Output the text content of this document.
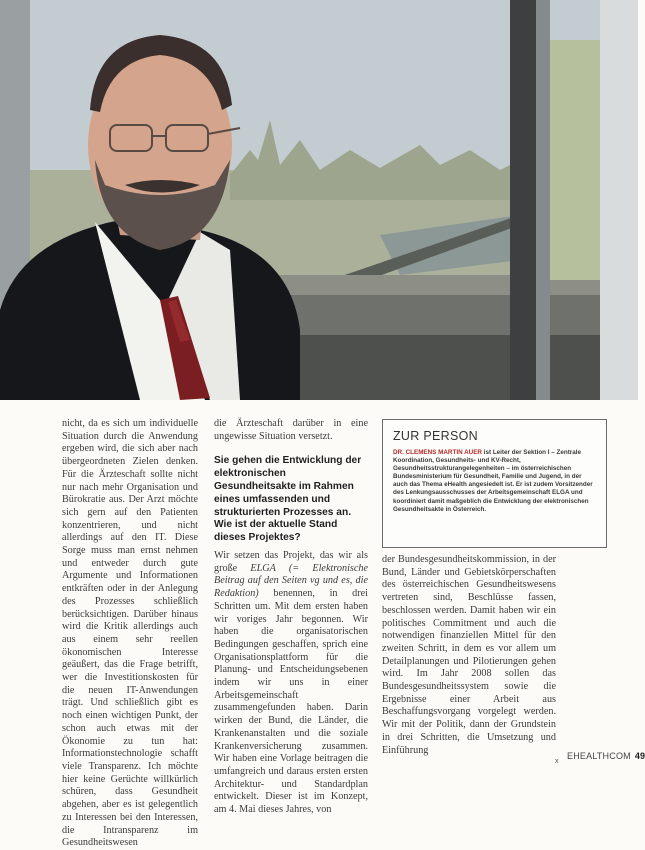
nicht, da es sich um individuelle Situation durch die Anwendung ergeben wird, die sich aber nach übergeordneten Zielen denken. Für die Ärzteschaft sollte nicht nur nach mehr Organisation und Bürokratie aus. Der Arzt möchte sich gern auf den Patienten konzentrieren, und nicht allerdings auf den IT. Diese Sorge muss man ernst nehmen und entweder durch gute Argumente und Informationen entkräften oder in der Anlegung des Prozesses schließlich berücksichtigen. Darüber hinaus wird die Kritik allerdings auch aus einem sehr reellen ökonomischen Interesse geäußert, das die Frage betrifft, wer die Investitionskosten für die neuen IT-Anwendungen trägt. Und schließlich gibt es noch einen wichtigen Punkt, der schon auch etwas mit der Ökonomie zu tun hat: Informationstechnologie schafft viele Transparenz. Ich möchte hier keine Gerüchte willkürlich schüren, dass Gesundheit abgehen, aber es ist gelegentlich zu Interessen bei den Interessen, die Intransparenz im Gesundheitswesen

die Ärzteschaft darüber in eine ungewisse Situation versetzt.

Sie gehen die Entwicklung der elektronischen Gesundheitsakte im Rahmen eines umfassenden und strukturierten Prozesses an. Wie ist der aktuelle Stand dieses Projektes?

Wir setzen das Projekt, das wir als große ELGA (= Elektronische Beitrag auf den Seiten vg und es, die Redaktion) benennen, in drei Schritten um. Mit dem ersten haben wir voriges Jahr begonnen. Wir haben die organisatorischen Bedingungen geschaffen, sprich eine Organisationsplattform für die Planung- und Entscheidungsebenen indem wir uns in einer Arbeitsgemeinschaft zusammengefunden haben. Darin wirken der Bund, die Länder, die Krankenanstalten und die soziale Krankenversicherung zusammen. Wir haben eine Vorlage beitragen die umfangreich und daraus ersten ersten Architektur- und Standardplan entwickelt. Dieser ist im Konzept, am 4. Mai dieses Jahres, von

ZUR PERSON

DR. CLEMENS MARTIN AUER ist Leiter der Sektion I – Zentrale Koordination, Gesundheits- und KV-Recht, Gesundheitsstrukturangelegenheiten – im österreichischen Bundesministerium für Gesundheit, Familie und Jugend, in der auch das Thema eHealth angesiedelt ist. Er ist zudem Vorsitzender des Lenkungsausschusses der Arbeitsgemeinschaft ELGA und koordiniert damit maßgeblich die Entwicklung der elektronischen Gesundheitsakte in Österreich.

der Bundesgesundheitskommission, in der Bund, Länder und Gebietskörperschaften des österreichischen Gesundheitswesens vertreten sind, Beschlüsse fassen, beschlossen werden. Damit haben wir ein politisches Commitment und auch die notwendigen finanziellen Mittel für den zweiten Schritt, in dem es vor allem um Detailplanungen und Pilotierungen gehen wird. Im Jahr 2008 sollen das Bundesgesundheitssystem sowie die Ergebnisse einer Arbeit aus Beschaffungsvorgang vorgelegt werden. Wir mit der Politik, dann der Grundstein in drei Schritten, die Umsetzung und Einführung

x
EHEALTHCOM 49
